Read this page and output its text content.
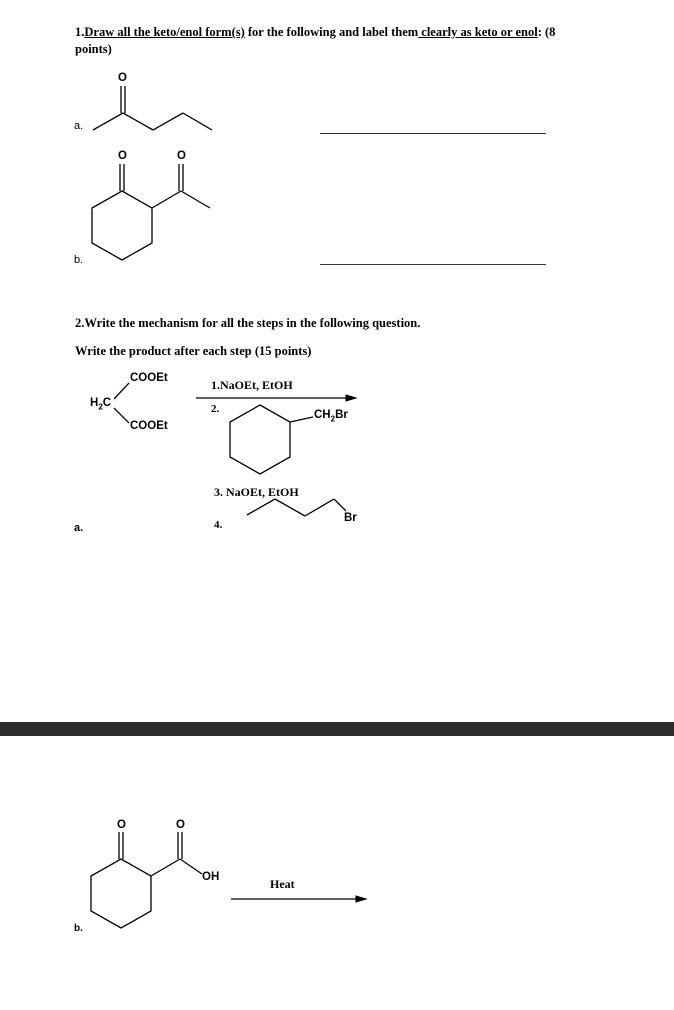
1.Draw all the keto/enol form(s) for the following and label them clearly as keto or enol: (8
points)
a.
b.
O
O	O
2.Write the mechanism for all the steps in the following question.
Write the product after each step (15 points)
a.
COOEt
$H_2C$
COOEt
1.NaOEt, EtOH
2.	$CH_2Br$
3. NaOEt, EtOH
4.
Br
O	O
OH	Heat
b.
